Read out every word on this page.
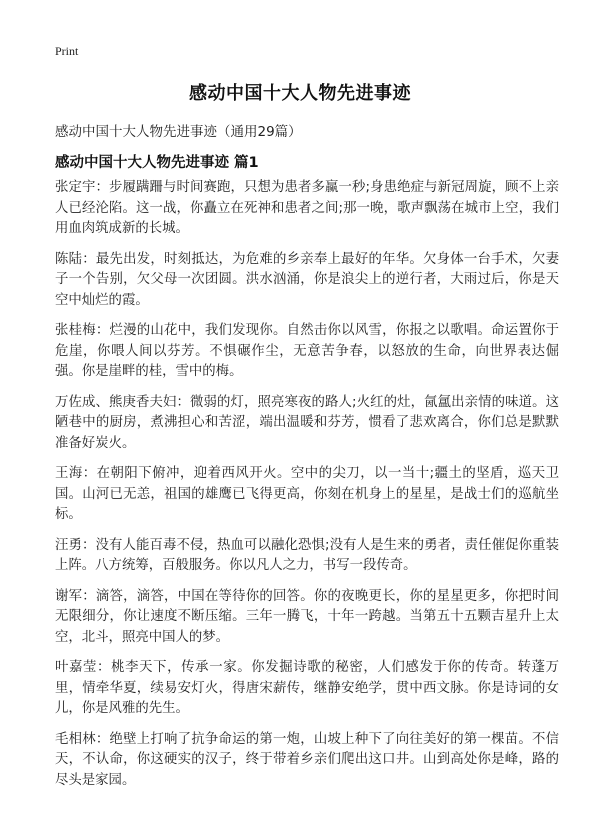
Print
感动中国十大人物先进事迹
感动中国十大人物先进事迹（通用29篇）
感动中国十大人物先进事迹 篇1

张定宇：步履蹒跚与时间赛跑，只想为患者多赢一秒;身患绝症与新冠周旋，顾不上亲人已经沦陷。这一战，你矗立在死神和患者之间;那一晚，歌声飘荡在城市上空，我们用血肉筑成新的长城。

陈陆：最先出发，时刻抵达，为危难的乡亲奉上最好的年华。欠身体一台手术，欠妻子一个告别，欠父母一次团圆。洪水汹涌，你是浪尖上的逆行者，大雨过后，你是天空中灿烂的霞。

张桂梅：烂漫的山花中，我们发现你。自然击你以风雪，你报之以歌唱。命运置你于危崖，你喂人间以芬芳。不惧碾作尘，无意苦争春，以怒放的生命，向世界表达倔强。你是崖畔的桂，雪中的梅。

万佐成、熊庚香夫妇：微弱的灯，照亮寒夜的路人;火红的灶，氤氲出亲情的味道。这陋巷中的厨房，煮沸担心和苦涩，端出温暖和芬芳，惯看了悲欢离合，你们总是默默准备好炭火。

王海：在朝阳下俯冲，迎着西风开火。空中的尖刀，以一当十;疆土的坚盾，巡天卫国。山河已无恙，祖国的雄鹰已飞得更高，你刻在机身上的星星，是战士们的巡航坐标。

汪勇：没有人能百毒不侵，热血可以融化恐惧;没有人是生来的勇者，责任催促你重装上阵。八方统筹，百般服务。你以凡人之力，书写一段传奇。

谢军：滴答，滴答，中国在等待你的回答。你的夜晚更长，你的星星更多，你把时间无限细分，你让速度不断压缩。三年一腾飞，十年一跨越。当第五十五颗吉星升上太空，北斗，照亮中国人的梦。

叶嘉莹：桃李天下，传承一家。你发掘诗歌的秘密，人们感发于你的传奇。转蓬万里，情牵华夏，续易安灯火，得唐宋薪传，继静安绝学，贯中西文脉。你是诗词的女儿，你是风雅的先生。

毛相林：绝壁上打响了抗争命运的第一炮，山坡上种下了向往美好的第一棵苗。不信天，不认命，你这硬实的汉子，终于带着乡亲们爬出这口井。山到高处你是峰，路的尽头是家园。
